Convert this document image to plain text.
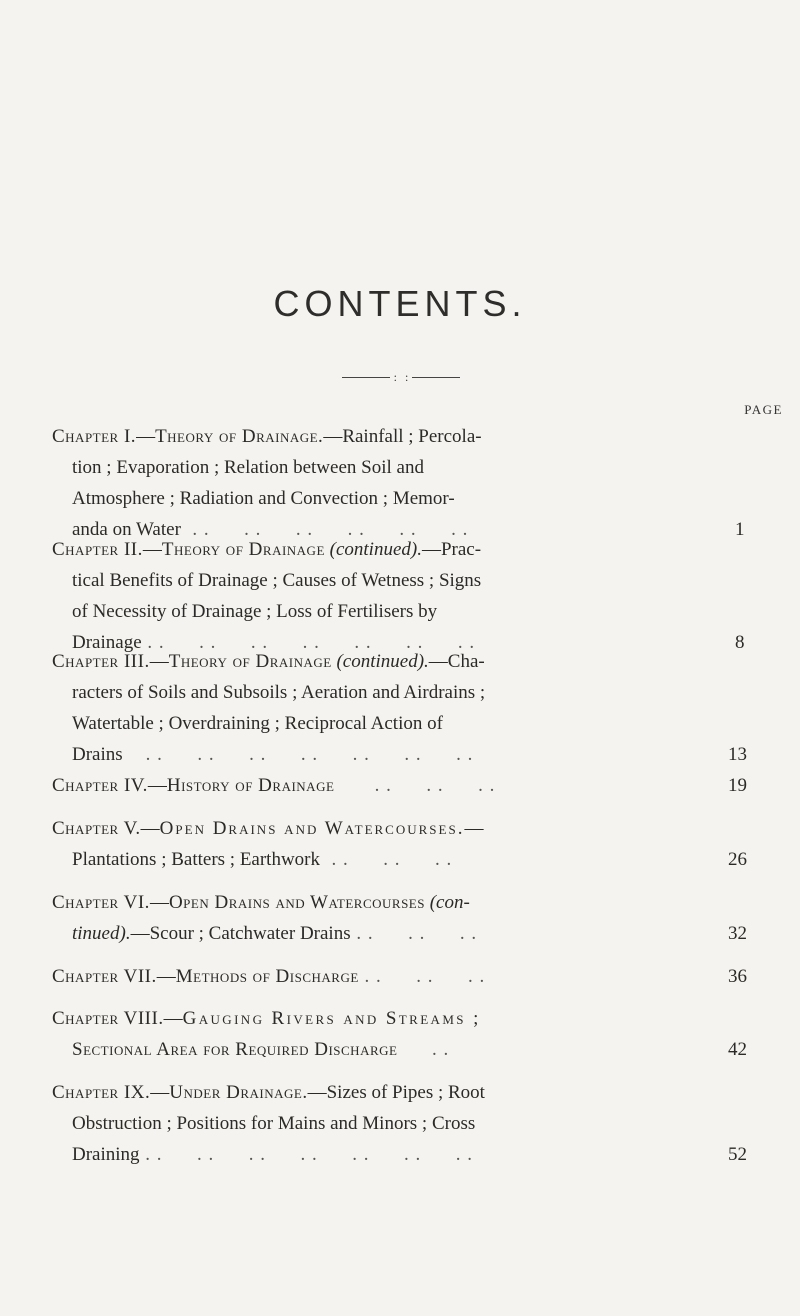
CONTENTS.
: :
PAGE
Chapter I.—Theory of Drainage.—Rainfall ; Percola-
tion ; Evaporation ; Relation between Soil and
Atmosphere ; Radiation and Convection ; Memor-
anda on Water  . .      . .      . .      . .      . .      . .	1
Chapter II.—Theory of Drainage (continued).—Prac-
tical Benefits of Drainage ; Causes of Wetness ; Signs
of Necessity of Drainage ; Loss of Fertilisers by
Drainage . .      . .      . .      . .      . .      . .      . .	8
Chapter III.—Theory of Drainage (continued).—Cha-
racters of Soils and Subsoils ; Aeration and Airdrains ;
Watertable ; Overdraining ; Reciprocal Action of
Drains    . .      . .      . .      . .      . .      . .      . .	13
Chapter IV.—History of Drainage       . .      . .      . .	19
Chapter V.—Open Drains and Watercourses.—
Plantations ; Batters ; Earthwork  . .      . .      . .	26
Chapter VI.—Open Drains and Watercourses (con-
tinued).—Scour ; Catchwater Drains . .      . .      . .	32
Chapter VII.—Methods of Discharge . .      . .      . .	36
Chapter VIII.—Gauging Rivers and Streams ;
Sectional Area for Required Discharge      . .	42
Chapter IX.—Under Drainage.—Sizes of Pipes ; Root
Obstruction ; Positions for Mains and Minors ; Cross
Draining . .      . .      . .      . .      . .      . .      . .	52
